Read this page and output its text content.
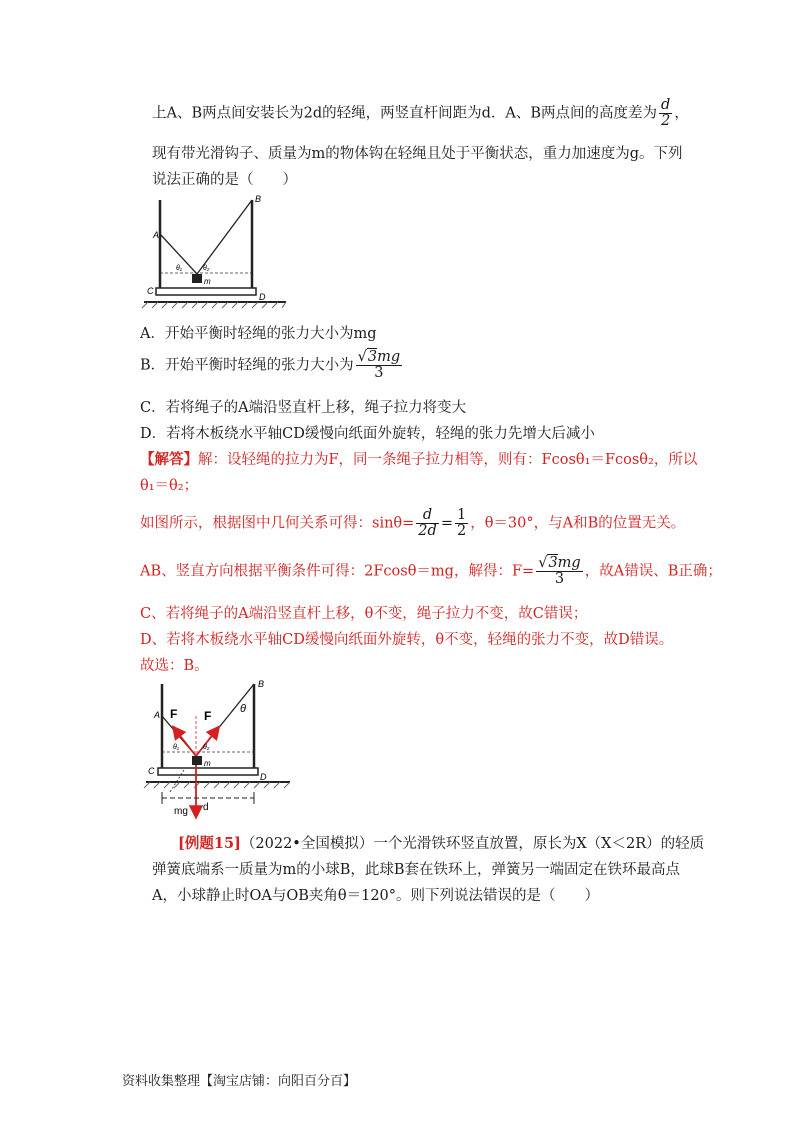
上A、B两点间安装长为2d的轻绳，两竖直杆间距为d．A、B两点间的高度差为 $\frac{d}{2}$ ，
现有带光滑钩子、质量为m的物体钩在轻绳且处于平衡状态，重力加速度为g。下列
说法正确的是（　　）
A
B
C
D
m
θ₁	θ₂
A．开始平衡时轻绳的张力大小为mg
B．开始平衡时轻绳的张力大小为 $\frac{√3mg}{3}$
C．若将绳子的A端沿竖直杆上移，绳子拉力将变大
D．若将木板绕水平轴CD缓慢向纸面外旋转，轻绳的张力先增大后减小
【解答】解：设轻绳的拉力为F，同一条绳子拉力相等，则有：Fcosθ₁＝Fcosθ₂，所以
θ₁＝θ₂；
如图所示，根据图中几何关系可得：$\sin\theta= \frac{d}{2d} = \frac{1}{2}$ ，θ＝30°，与A和B的位置无关。
AB、竖直方向根据平衡条件可得：2Fcosθ＝mg，解得：$F= \frac{√3mg}{3}$ ，故A错误、B正确；
C、若将绳子的A端沿竖直杆上移，θ不变，绳子拉力不变，故C错误；
D、若将木板绕水平轴CD缓慢向纸面外旋转，θ不变，轻绳的张力不变，故D错误。
故选：B。
A
B
C
D
F F	θ
θ₁	θ₂
m
mg d
[例题15]（2022•全国模拟）一个光滑铁环竖直放置，原长为X（X＜2R）的轻质
弹簧底端系一质量为m的小球B，此球B套在铁环上，弹簧另一端固定在铁环最高点
A，小球静止时OA与OB夹角θ＝120°。则下列说法错误的是（　　）
资料收集整理【淘宝店铺：向阳百分百】
